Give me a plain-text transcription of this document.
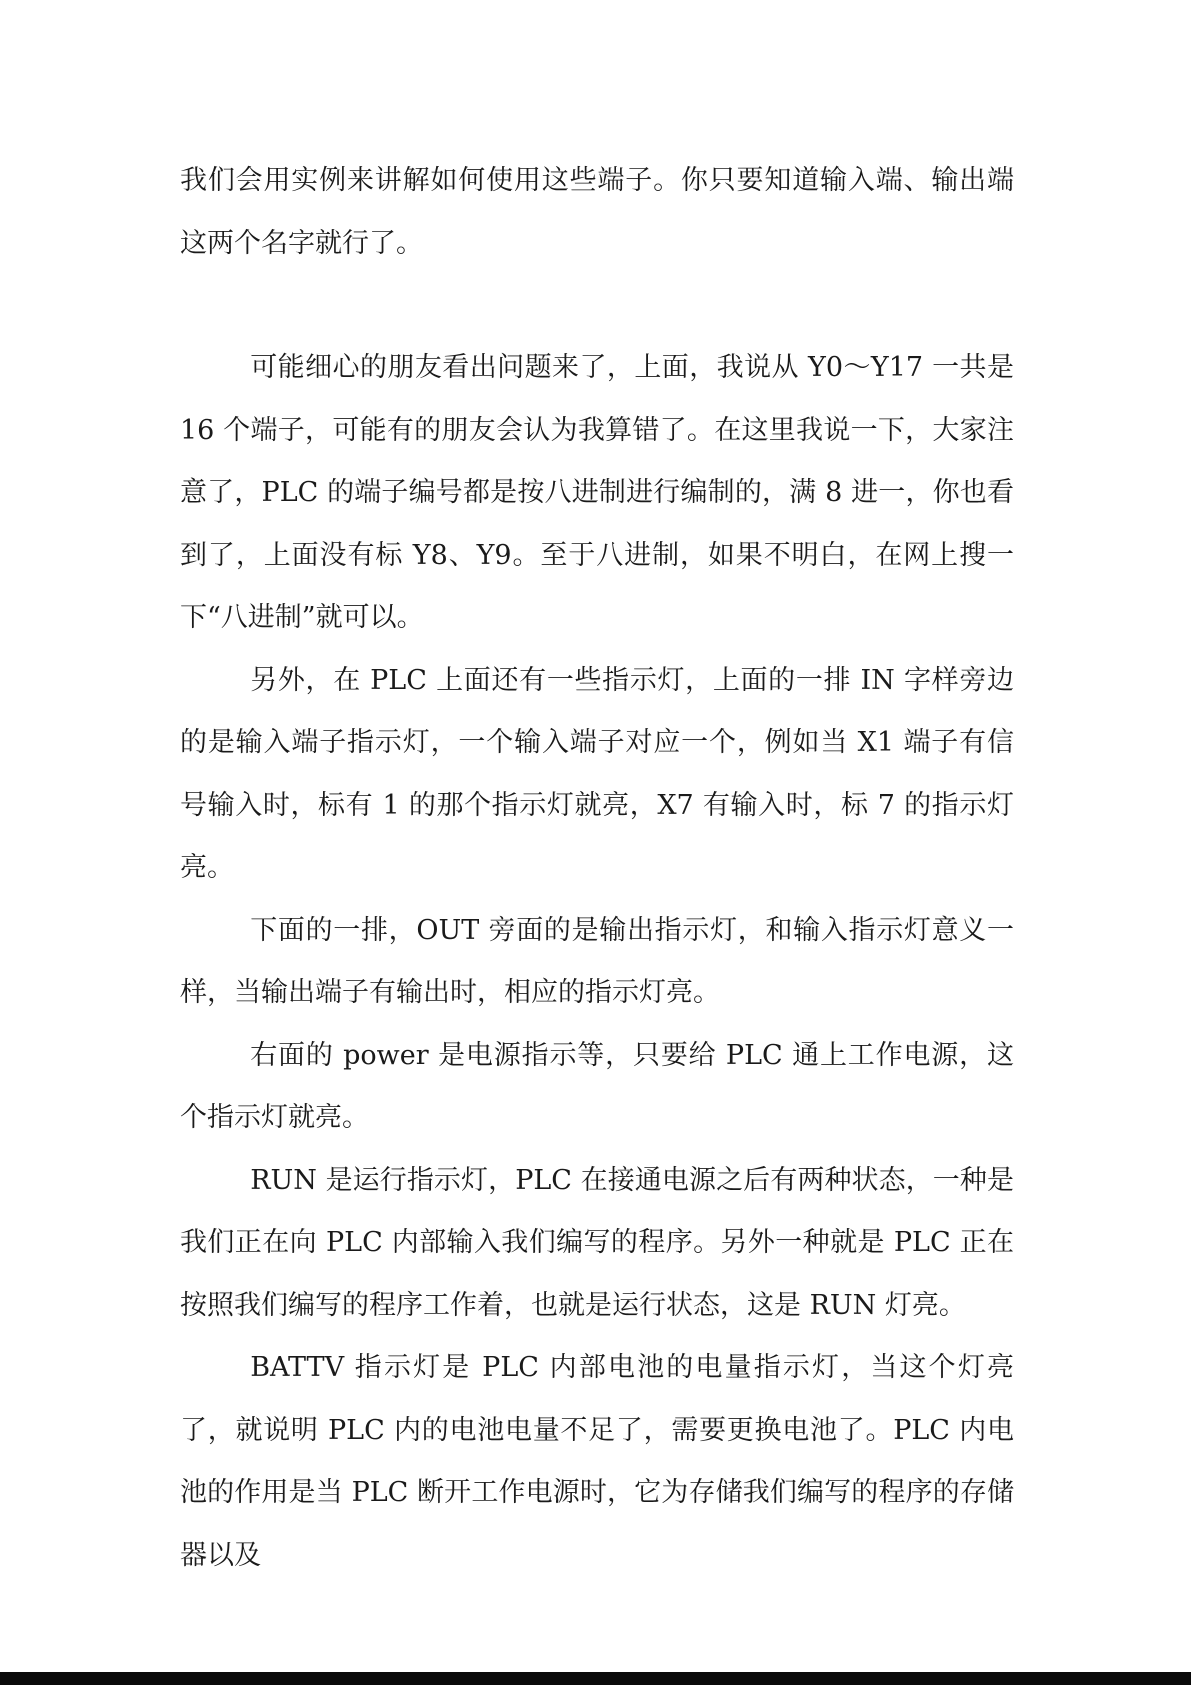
我们会用实例来讲解如何使用这些端子。你只要知道输入端、输出端这两个名字就行了。

可能细心的朋友看出问题来了，上面，我说从 Y0～Y17 一共是 16 个端子，可能有的朋友会认为我算错了。在这里我说一下，大家注意了，PLC 的端子编号都是按八进制进行编制的，满 8 进一，你也看到了，上面没有标 Y8、Y9。至于八进制，如果不明白，在网上搜一下“八进制”就可以。

另外，在 PLC 上面还有一些指示灯，上面的一排 IN 字样旁边的是输入端子指示灯，一个输入端子对应一个，例如当 X1 端子有信号输入时，标有 1 的那个指示灯就亮，X7 有输入时，标 7 的指示灯亮。

下面的一排，OUT 旁面的是输出指示灯，和输入指示灯意义一样，当输出端子有输出时，相应的指示灯亮。

右面的 power 是电源指示等，只要给 PLC 通上工作电源，这个指示灯就亮。

RUN 是运行指示灯，PLC 在接通电源之后有两种状态，一种是我们正在向 PLC 内部输入我们编写的程序。另外一种就是 PLC 正在按照我们编写的程序工作着，也就是运行状态，这是 RUN 灯亮。

BATTV 指示灯是 PLC 内部电池的电量指示灯，当这个灯亮了，就说明 PLC 内的电池电量不足了，需要更换电池了。PLC 内电池的作用是当 PLC 断开工作电源时，它为存储我们编写的程序的存储器以及
